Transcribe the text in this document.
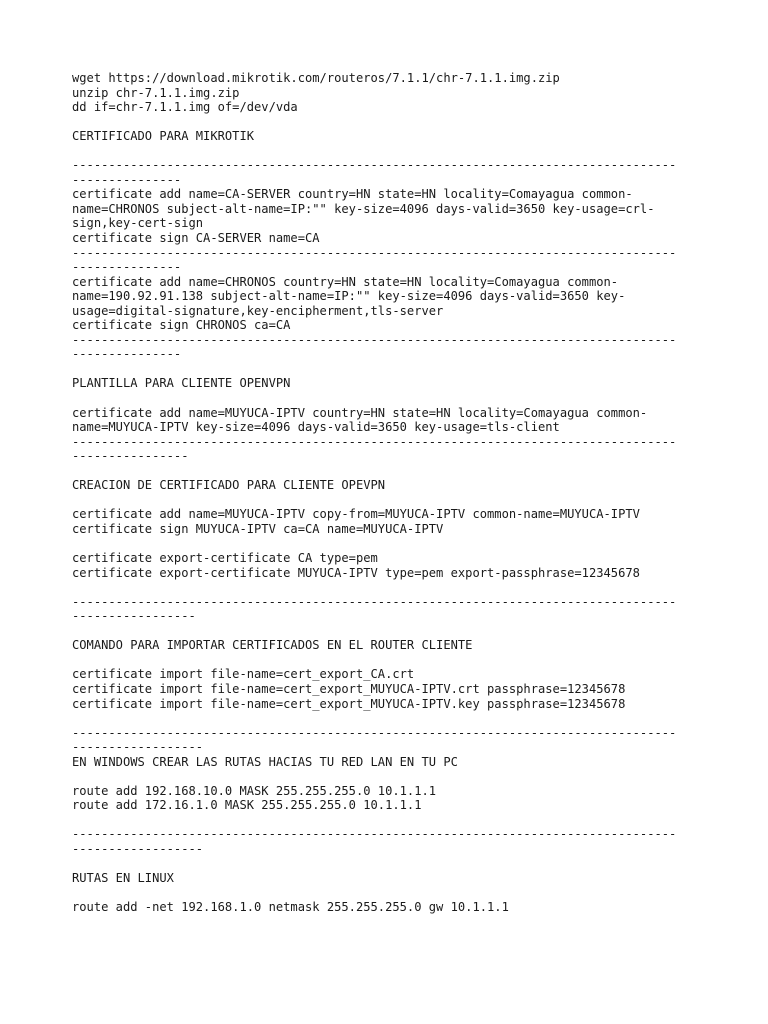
wget https://download.mikrotik.com/routeros/7.1.1/chr-7.1.1.img.zip
unzip chr-7.1.1.img.zip
dd if=chr-7.1.1.img of=/dev/vda
CERTIFICADO PARA MIKROTIK
-----------------------------------------------------------------------------------
---------------
certificate add name=CA-SERVER country=HN state=HN locality=Comayagua common-
name=CHRONOS subject-alt-name=IP:"" key-size=4096 days-valid=3650 key-usage=crl-
sign,key-cert-sign
certificate sign CA-SERVER name=CA
-----------------------------------------------------------------------------------
---------------
certificate add name=CHRONOS country=HN state=HN locality=Comayagua common-
name=190.92.91.138 subject-alt-name=IP:"" key-size=4096 days-valid=3650 key-
usage=digital-signature,key-encipherment,tls-server
certificate sign CHRONOS ca=CA
-----------------------------------------------------------------------------------
---------------
PLANTILLA PARA CLIENTE OPENVPN
certificate add name=MUYUCA-IPTV country=HN state=HN locality=Comayagua common-
name=MUYUCA-IPTV key-size=4096 days-valid=3650 key-usage=tls-client
-----------------------------------------------------------------------------------
----------------
CREACION DE CERTIFICADO PARA CLIENTE OPEVPN
certificate add name=MUYUCA-IPTV copy-from=MUYUCA-IPTV common-name=MUYUCA-IPTV
certificate sign MUYUCA-IPTV ca=CA name=MUYUCA-IPTV
certificate export-certificate CA type=pem
certificate export-certificate MUYUCA-IPTV type=pem export-passphrase=12345678
-----------------------------------------------------------------------------------
-----------------
COMANDO PARA IMPORTAR CERTIFICADOS EN EL ROUTER CLIENTE
certificate import file-name=cert_export_CA.crt
certificate import file-name=cert_export_MUYUCA-IPTV.crt passphrase=12345678
certificate import file-name=cert_export_MUYUCA-IPTV.key passphrase=12345678
-----------------------------------------------------------------------------------
------------------
EN WINDOWS CREAR LAS RUTAS HACIAS TU RED LAN EN TU PC
route add 192.168.10.0 MASK 255.255.255.0 10.1.1.1
route add 172.16.1.0 MASK 255.255.255.0 10.1.1.1
-----------------------------------------------------------------------------------
------------------
RUTAS EN LINUX
route add -net 192.168.1.0 netmask 255.255.255.0 gw 10.1.1.1
